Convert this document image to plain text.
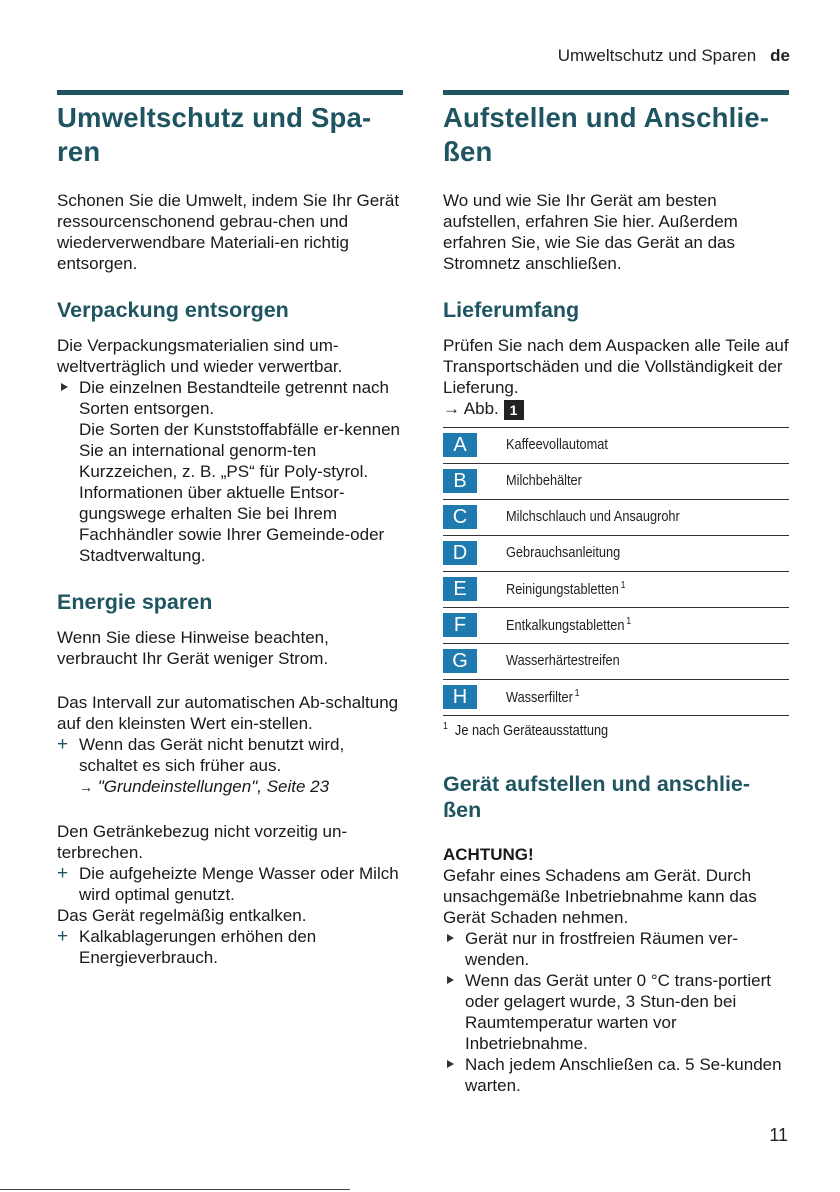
Umweltschutz und Sparen de
Umweltschutz und Spa-
ren

Schonen Sie die Umwelt, indem Sie Ihr Gerät ressourcenschonend gebrau-chen und wiederverwendbare Materiali-en richtig entsorgen.

Verpackung entsorgen

Die Verpackungsmaterialien sind um-weltverträglich und wieder verwertbar.

Die einzelnen Bestandteile getrennt nach Sorten entsorgen.

Die Sorten der Kunststoffabfälle er-kennen Sie an international genorm-ten Kurzzeichen, z. B. „PS“ für Poly-styrol.

Informationen über aktuelle Entsor-gungswege erhalten Sie bei Ihrem Fachhändler sowie Ihrer Gemeinde-oder Stadtverwaltung.

Energie sparen

Wenn Sie diese Hinweise beachten, verbraucht Ihr Gerät weniger Strom.

Das Intervall zur automatischen Ab-schaltung auf den kleinsten Wert ein-stellen.

+ Wenn das Gerät nicht benutzt wird, schaltet es sich früher aus.

→ "Grundeinstellungen", Seite 23

Den Getränkebezug nicht vorzeitig un-terbrechen.

+ Die aufgeheizte Menge Wasser oder Milch wird optimal genutzt.

Das Gerät regelmäßig entkalken.

+ Kalkablagerungen erhöhen den Energieverbrauch.
Aufstellen und Anschlie-
ßen

Wo und wie Sie Ihr Gerät am besten aufstellen, erfahren Sie hier. Außerdem erfahren Sie, wie Sie das Gerät an das Stromnetz anschließen.

Lieferumfang

Prüfen Sie nach dem Auspacken alle Teile auf Transportschäden und die Vollständigkeit der Lieferung.

→ Abb. 1

A	Kaffeevollautomat
B	Milchbehälter
C	Milchschlauch und Ansaugrohr
D	Gebrauchsanleitung
E	Reinigungstabletten $^1$
F	Entkalkungstabletten $^1$
G	Wasserhärtestreifen
H	Wasserfilter $^1$
$^1$ Je nach Geräteausstattung
Gerät aufstellen und anschlie-
ßen

ACHTUNG!

Gefahr eines Schadens am Gerät. Durch unsachgemäße Inbetriebnahme kann das Gerät Schaden nehmen.

Gerät nur in frostfreien Räumen ver-wenden.
Wenn das Gerät unter 0 °C trans-portiert oder gelagert wurde, 3 Stun-den bei Raumtemperatur warten vor Inbetriebnahme.
Nach jedem Anschließen ca. 5 Se-kunden warten.
11
